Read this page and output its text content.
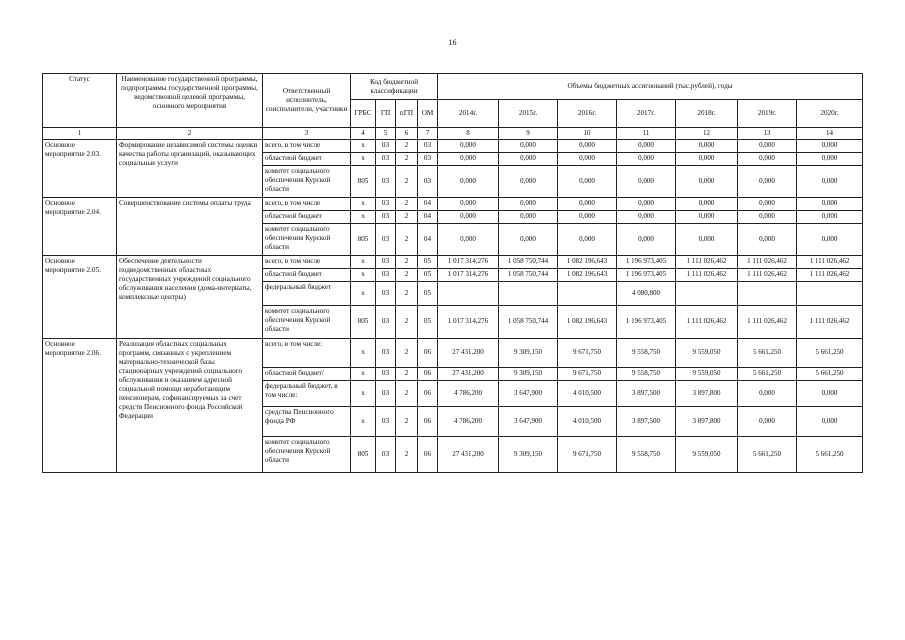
16
Статус	Наименование государственной программы, подпрограммы государственной программы, ведомственной целевой программы, основного мероприятия	Ответственный исполнитель, соисполнители, участники	Код бюджетной классификации				Объемы бюджетных ассигнований (тыс.рублей), годы						
			ГРБС	ГП	пГП	ОМ	2014г.	2015г.	2016г.	2017г.	2018г.	2019г.	2020г.
1	2	3	4	5	6	7	8	9	10	11	12	13	14
Основное мероприятие 2.03.	Формирование независимой системы оценки качества работы организаций, оказывающих социальные услуги	всего, в том числе	х	03	2	03	0,000	0,000	0,000	0,000	0,000	0,000	0,000
		областной бюджет	х	03	2	03	0,000	0,000	0,000	0,000	0,000	0,000	0,000
		комитет социального обеспечения Курской области	805	03	2	03	0,000	0,000	0,000	0,000	0,000	0,000	0,000
Основное мероприятие 2.04.	Совершенствование системы оплаты труда	всего, в том числе	х	03	2	04	0,000	0,000	0,000	0,000	0,000	0,000	0,000
		областной бюджет	х	03	2	04	0,000	0,000	0,000	0,000	0,000	0,000	0,000
		комитет социального обеспечения Курской области	805	03	2	04	0,000	0,000	0,000	0,000	0,000	0,000	0,000
Основное мероприятие 2.05.	Обеспечение деятельности подведомственных областных государственных учреждений социального обслуживания населения (дома-интернаты, комплексные центры)	всего, в том числе	х	03	2	05	1 017 314,276	1 058 750,744	1 082 196,643	1 196 973,405	1 111 026,462	1 111 026,462	1 111 026,462
		областной бюджет	х	03	2	05	1 017 314,276	1 058 750,744	1 082 196,643	1 196 973,405	1 111 026,462	1 111 026,462	1 111 026,462
		федеральный бюджет	х	03	2	05				4 080,800			
		комитет социального обеспечения Курской области	805	03	2	05	1 017 314,276	1 058 750,744	1 082 196,643	1 196 973,405	1 111 026,462	1 111 026,462	1 111 026,462
Основное мероприятие 2.06.	Реализация областных социальных программ, связанных с укреплением материально-технической базы стационарных учреждений социального обслуживания и оказанием адресной социальной помощи неработающим пенсионерам, софинансируемых за счет средств Пенсионного фонда Российской Федерации	всего, в том числе:	х	03	2	06	27 431,200	9 309,150	9 671,750	9 558,750	9 559,050	5 661,250	5 661,250
		областной бюджет/	х	03	2	06	27 431,200	9 309,150	9 671,750	9 558,750	9 559,050	5 661,250	5 661,250
		федеральный бюджет, в том числе:	х	03	2	06	4 786,200	3 647,900	4 010,500	3 897,500	3 897,800	0,000	0,000
		средства Пенсионного фонда РФ	х	03	2	06	4 786,200	3 647,900	4 010,500	3 897,500	3 897,800	0,000	0,000
		комитет социального обеспечения Курской области	805	03	2	06	27 431,200	9 309,150	9 671,750	9 558,750	9 559,050	5 661,250	5 661,250
